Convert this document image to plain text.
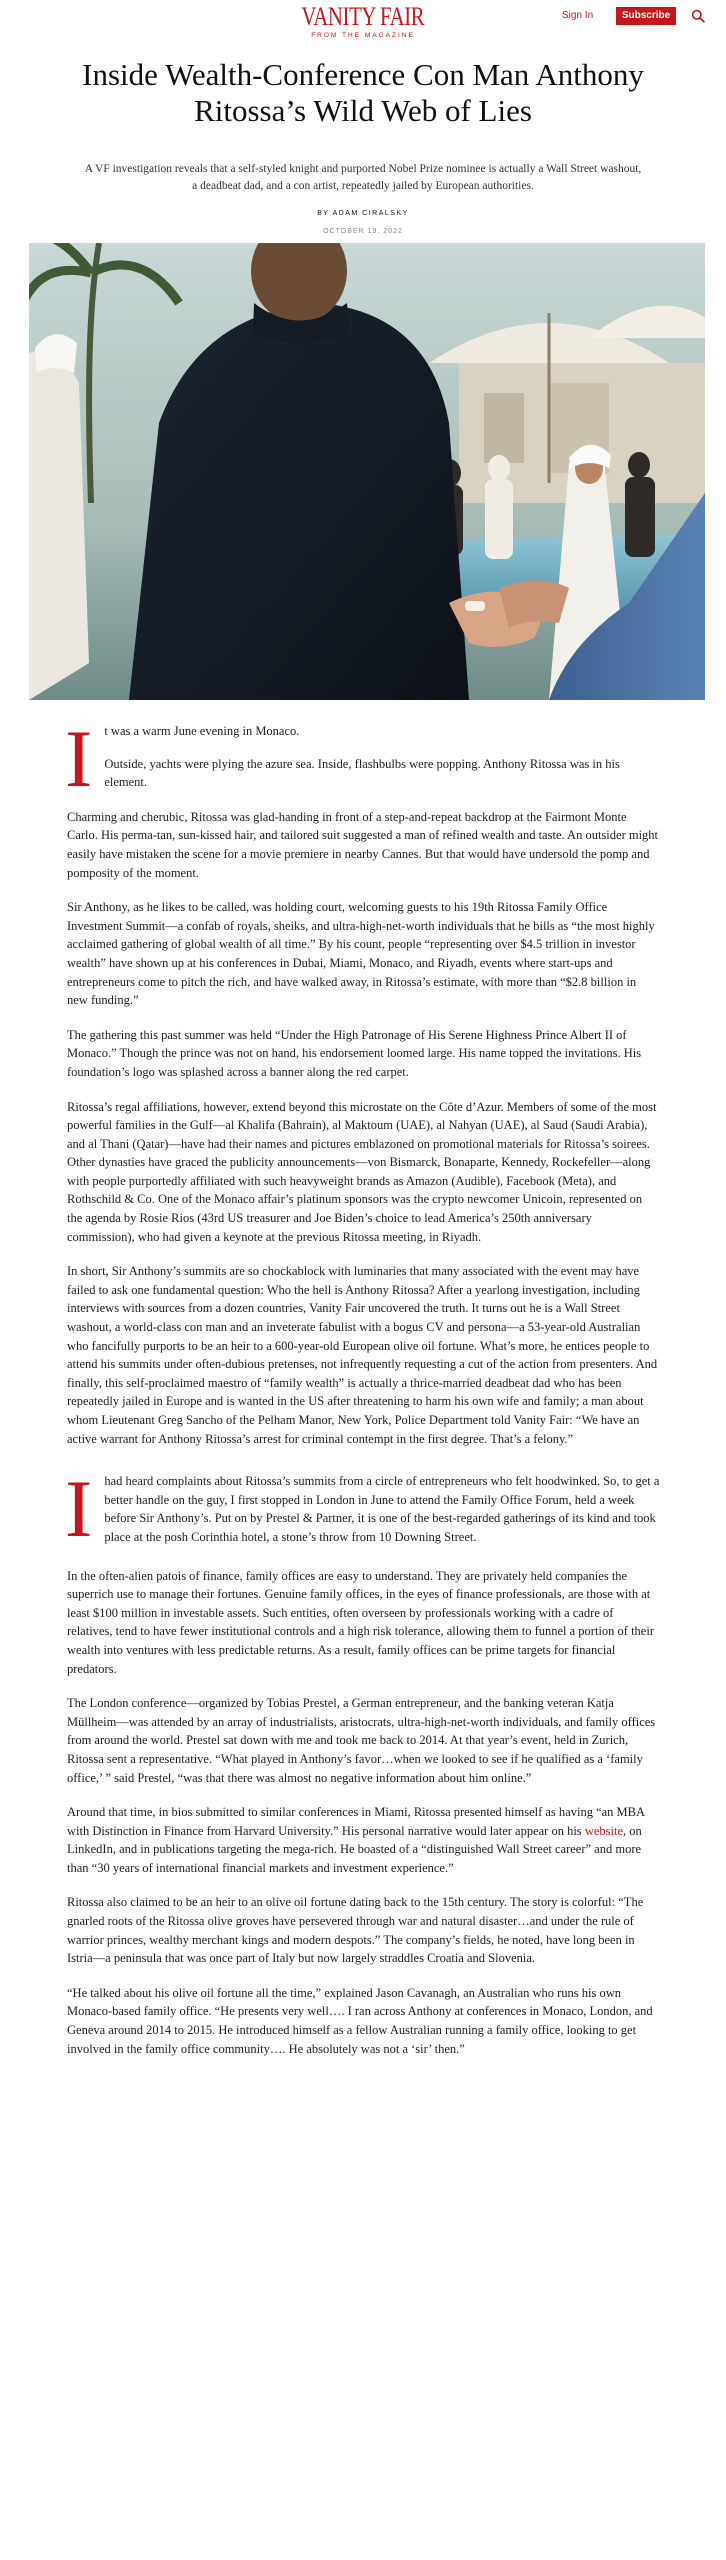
VANITY FAIR
FROM THE MAGAZINE
Sign In	Subscribe
Inside Wealth-Conference Con Man Anthony Ritossa’s Wild Web of Lies

A VF investigation reveals that a self-styled knight and purported Nobel Prize nominee is actually a Wall Street washout, a deadbeat dad, and a con artist, repeatedly jailed by European authorities.

BY ADAM CIRALSKY
OCTOBER 19, 2022

I t was a warm June evening in Monaco.
Outside, yachts were plying the azure sea. Inside, flashbulbs were popping. Anthony Ritossa was in his element.

Charming and cherubic, Ritossa was glad-handing in front of a step-and-repeat backdrop at the Fairmont Monte Carlo. His perma-tan, sun-kissed hair, and tailored suit suggested a man of refined wealth and taste. An outsider might easily have mistaken the scene for a movie premiere in nearby Cannes. But that would have undersold the pomp and pomposity of the moment.

Sir Anthony, as he likes to be called, was holding court, welcoming guests to his 19th Ritossa Family Office Investment Summit—a confab of royals, sheiks, and ultra-high-net-worth individuals that he bills as “the most highly acclaimed gathering of global wealth of all time.” By his count, people “representing over $4.5 trillion in investor wealth” have shown up at his conferences in Dubai, Miami, Monaco, and Riyadh, events where start-ups and entrepreneurs come to pitch the rich, and have walked away, in Ritossa’s estimate, with more than “$2.8 billion in new funding.”

The gathering this past summer was held “Under the High Patronage of His Serene Highness Prince Albert II of Monaco.” Though the prince was not on hand, his endorsement loomed large. His name topped the invitations. His foundation’s logo was splashed across a banner along the red carpet.

Ritossa’s regal affiliations, however, extend beyond this microstate on the Côte d’Azur. Members of some of the most powerful families in the Gulf—al Khalifa (Bahrain), al Maktoum (UAE), al Nahyan (UAE), al Saud (Saudi Arabia), and al Thani (Qatar)—have had their names and pictures emblazoned on promotional materials for Ritossa’s soirees. Other dynasties have graced the publicity announcements—von Bismarck, Bonaparte, Kennedy, Rockefeller—along with people purportedly affiliated with such heavyweight brands as Amazon (Audible), Facebook (Meta), and Rothschild & Co. One of the Monaco affair’s platinum sponsors was the crypto newcomer Unicoin, represented on the agenda by Rosie Rios (43rd US treasurer and Joe Biden’s choice to lead America’s 250th anniversary commission), who had given a keynote at the previous Ritossa meeting, in Riyadh.

In short, Sir Anthony’s summits are so chockablock with luminaries that many associated with the event may have failed to ask one fundamental question: Who the hell is Anthony Ritossa? After a yearlong investigation, including interviews with sources from a dozen countries, Vanity Fair uncovered the truth. It turns out he is a Wall Street washout, a world-class con man and an inveterate fabulist with a bogus CV and persona—a 53-year-old Australian who fancifully purports to be an heir to a 600-year-old European olive oil fortune. What’s more, he entices people to attend his summits under often-dubious pretenses, not infrequently requesting a cut of the action from presenters. And finally, this self-proclaimed maestro of “family wealth” is actually a thrice-married deadbeat dad who has been repeatedly jailed in Europe and is wanted in the US after threatening to harm his own wife and family; a man about whom Lieutenant Greg Sancho of the Pelham Manor, New York, Police Department told Vanity Fair: “We have an active warrant for Anthony Ritossa’s arrest for criminal contempt in the first degree. That’s a felony.”

I had heard complaints about Ritossa’s summits from a circle of entrepreneurs who felt hoodwinked. So, to get a better handle on the guy, I first stopped in London in June to attend the Family Office Forum, held a week before Sir Anthony’s. Put on by Prestel & Partner, it is one of the best-regarded gatherings of its kind and took place at the posh Corinthia hotel, a stone’s throw from 10 Downing Street.

In the often-alien patois of finance, family offices are easy to understand. They are privately held companies the superrich use to manage their fortunes. Genuine family offices, in the eyes of finance professionals, are those with at least $100 million in investable assets. Such entities, often overseen by professionals working with a cadre of relatives, tend to have fewer institutional controls and a high risk tolerance, allowing them to funnel a portion of their wealth into ventures with less predictable returns. As a result, family offices can be prime targets for financial predators.

The London conference—organized by Tobias Prestel, a German entrepreneur, and the banking veteran Katja Müllheim—was attended by an array of industrialists, aristocrats, ultra-high-net-worth individuals, and family offices from around the world. Prestel sat down with me and took me back to 2014. At that year’s event, held in Zurich, Ritossa sent a representative. “What played in Anthony’s favor…when we looked to see if he qualified as a ‘family office,’ ” said Prestel, “was that there was almost no negative information about him online.”

Around that time, in bios submitted to similar conferences in Miami, Ritossa presented himself as having “an MBA with Distinction in Finance from Harvard University.” His personal narrative would later appear on his website, on LinkedIn, and in publications targeting the mega-rich. He boasted of a “distinguished Wall Street career” and more than “30 years of international financial markets and investment experience.”

Ritossa also claimed to be an heir to an olive oil fortune dating back to the 15th century. The story is colorful: “The gnarled roots of the Ritossa olive groves have persevered through war and natural disaster…and under the rule of warrior princes, wealthy merchant kings and modern despots.” The company’s fields, he noted, have long been in Istria—a peninsula that was once part of Italy but now largely straddles Croatia and Slovenia.

“He talked about his olive oil fortune all the time,” explained Jason Cavanagh, an Australian who runs his own Monaco-based family office. “He presents very well…. I ran across Anthony at conferences in Monaco, London, and Geneva around 2014 to 2015. He introduced himself as a fellow Australian running a family office, looking to get involved in the family office community…. He absolutely was not a ‘sir’ then.”
